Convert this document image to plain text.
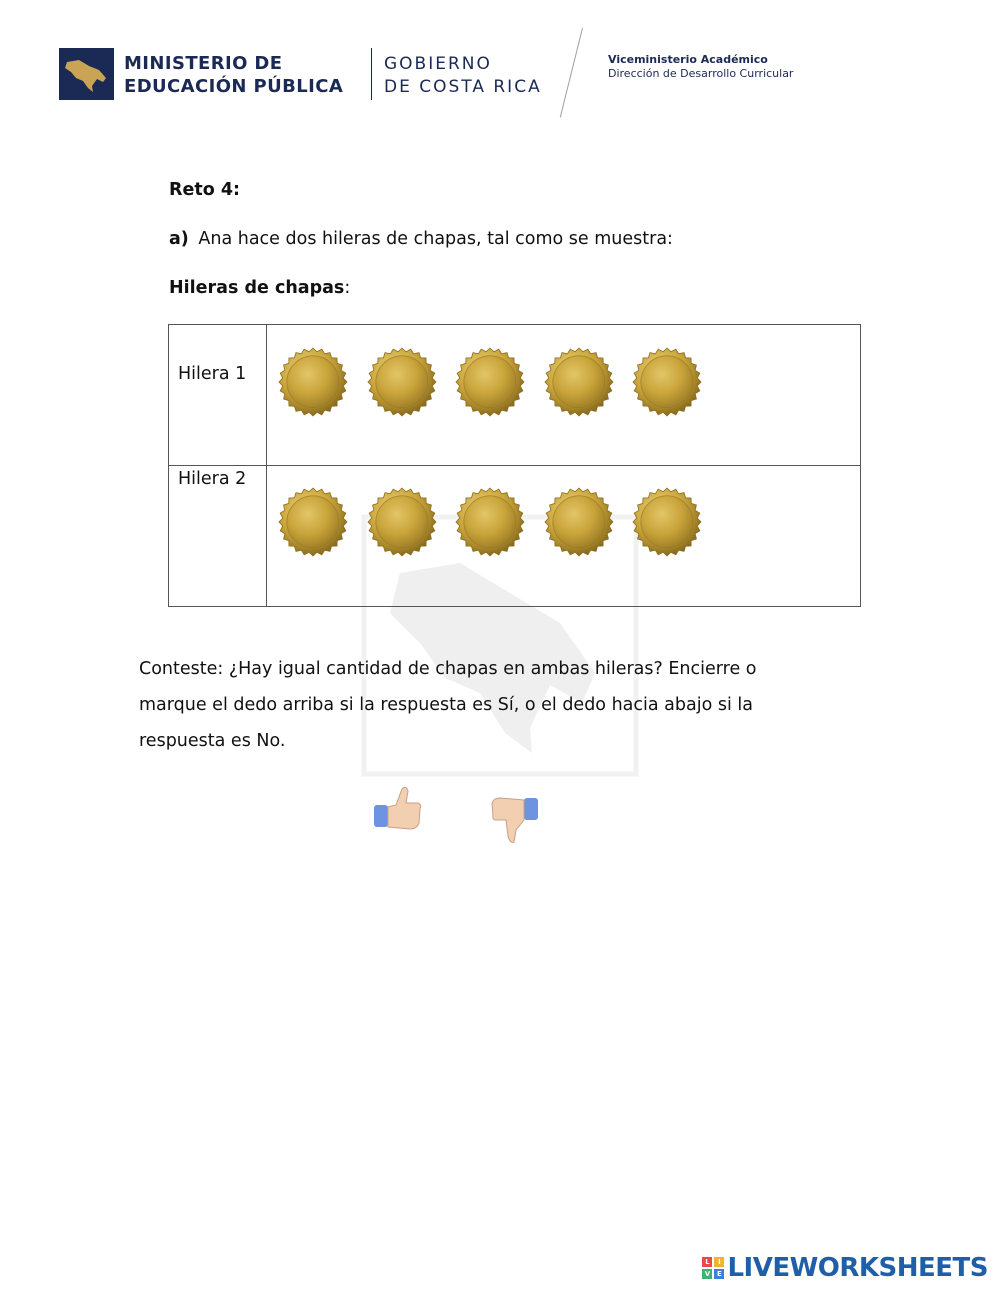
MINISTERIO DE
EDUCACIÓN PÚBLICA
GOBIERNO
DE COSTA RICA
Viceministerio Académico
Dirección de Desarrollo Curricular
Reto 4:
a) Ana hace dos hileras de chapas, tal como se muestra:
Hileras de chapas:
Hilera 1
Hilera 2
Conteste: ¿Hay igual cantidad de chapas en ambas hileras? Encierre o
marque el dedo arriba si la respuesta es Sí, o el dedo hacia abajo si la
respuesta es No.
L	I
V E LIVEWORKSHEETS
